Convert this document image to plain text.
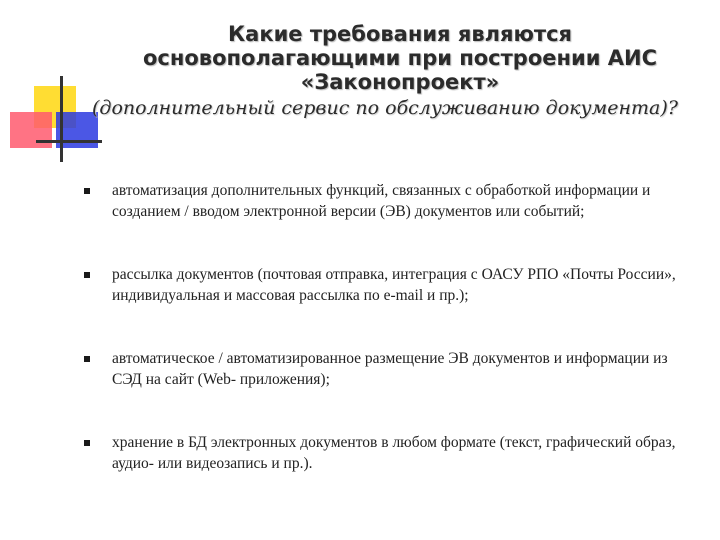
Какие требования являются
основополагающими при построении АИС
«Законопроект»
(дополнительный сервис по обслуживанию документа)?
автоматизация дополнительных функций, связанных с обработкой информации и созданием / вводом электронной версии (ЭВ) документов или событий;
рассылка документов (почтовая отправка, интеграция с ОАСУ РПО «Почты России», индивидуальная и массовая рассылка по e-mail и пр.);
автоматическое / автоматизированное размещение ЭВ документов и информации из СЭД на сайт (Web- приложения);
хранение в БД электронных документов в любом формате (текст, графический образ, аудио- или видеозапись и пр.).
